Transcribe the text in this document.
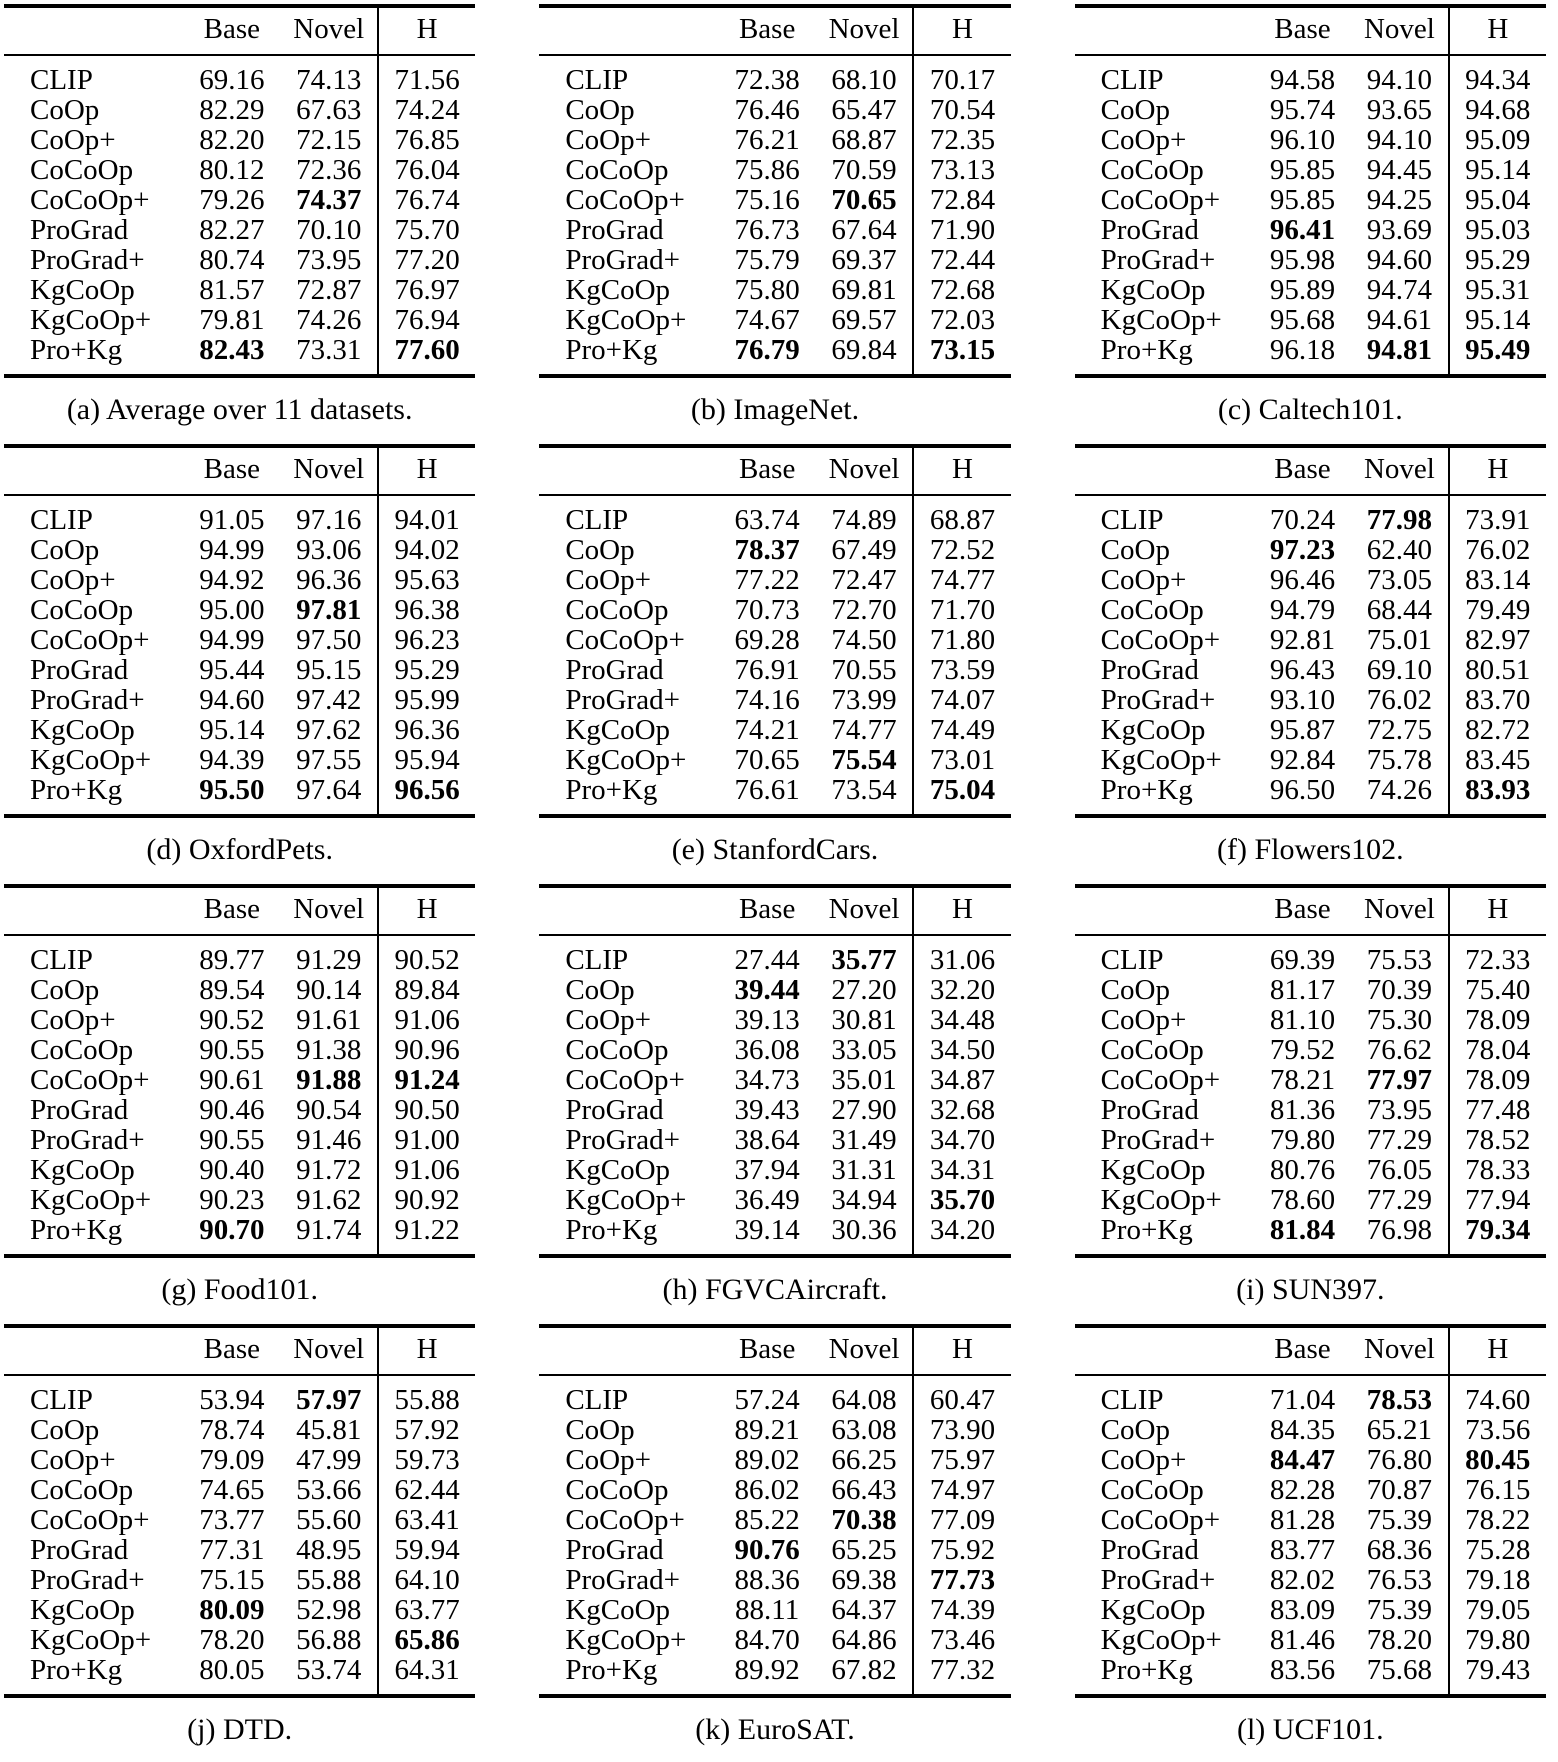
	Base	Novel	H
CLIP	69.16	74.13	71.56
CoOp	82.29	67.63	74.24
CoOp+	82.20	72.15	76.85
CoCoOp	80.12	72.36	76.04
CoCoOp+	79.26	74.37	76.74
ProGrad	82.27	70.10	75.70
ProGrad+	80.74	73.95	77.20
KgCoOp	81.57	72.87	76.97
KgCoOp+	79.81	74.26	76.94
Pro+Kg	82.43	73.31	77.60
(a) Average over 11 datasets.
	Base	Novel	H
CLIP	72.38	68.10	70.17
CoOp	76.46	65.47	70.54
CoOp+	76.21	68.87	72.35
CoCoOp	75.86	70.59	73.13
CoCoOp+	75.16	70.65	72.84
ProGrad	76.73	67.64	71.90
ProGrad+	75.79	69.37	72.44
KgCoOp	75.80	69.81	72.68
KgCoOp+	74.67	69.57	72.03
Pro+Kg	76.79	69.84	73.15
(b) ImageNet.
	Base	Novel	H
CLIP	94.58	94.10	94.34
CoOp	95.74	93.65	94.68
CoOp+	96.10	94.10	95.09
CoCoOp	95.85	94.45	95.14
CoCoOp+	95.85	94.25	95.04
ProGrad	96.41	93.69	95.03
ProGrad+	95.98	94.60	95.29
KgCoOp	95.89	94.74	95.31
KgCoOp+	95.68	94.61	95.14
Pro+Kg	96.18	94.81	95.49
(c) Caltech101.
	Base	Novel	H
CLIP	91.05	97.16	94.01
CoOp	94.99	93.06	94.02
CoOp+	94.92	96.36	95.63
CoCoOp	95.00	97.81	96.38
CoCoOp+	94.99	97.50	96.23
ProGrad	95.44	95.15	95.29
ProGrad+	94.60	97.42	95.99
KgCoOp	95.14	97.62	96.36
KgCoOp+	94.39	97.55	95.94
Pro+Kg	95.50	97.64	96.56
(d) OxfordPets.
	Base	Novel	H
CLIP	63.74	74.89	68.87
CoOp	78.37	67.49	72.52
CoOp+	77.22	72.47	74.77
CoCoOp	70.73	72.70	71.70
CoCoOp+	69.28	74.50	71.80
ProGrad	76.91	70.55	73.59
ProGrad+	74.16	73.99	74.07
KgCoOp	74.21	74.77	74.49
KgCoOp+	70.65	75.54	73.01
Pro+Kg	76.61	73.54	75.04
(e) StanfordCars.
	Base	Novel	H
CLIP	70.24	77.98	73.91
CoOp	97.23	62.40	76.02
CoOp+	96.46	73.05	83.14
CoCoOp	94.79	68.44	79.49
CoCoOp+	92.81	75.01	82.97
ProGrad	96.43	69.10	80.51
ProGrad+	93.10	76.02	83.70
KgCoOp	95.87	72.75	82.72
KgCoOp+	92.84	75.78	83.45
Pro+Kg	96.50	74.26	83.93
(f) Flowers102.
	Base	Novel	H
CLIP	89.77	91.29	90.52
CoOp	89.54	90.14	89.84
CoOp+	90.52	91.61	91.06
CoCoOp	90.55	91.38	90.96
CoCoOp+	90.61	91.88	91.24
ProGrad	90.46	90.54	90.50
ProGrad+	90.55	91.46	91.00
KgCoOp	90.40	91.72	91.06
KgCoOp+	90.23	91.62	90.92
Pro+Kg	90.70	91.74	91.22
(g) Food101.
	Base	Novel	H
CLIP	27.44	35.77	31.06
CoOp	39.44	27.20	32.20
CoOp+	39.13	30.81	34.48
CoCoOp	36.08	33.05	34.50
CoCoOp+	34.73	35.01	34.87
ProGrad	39.43	27.90	32.68
ProGrad+	38.64	31.49	34.70
KgCoOp	37.94	31.31	34.31
KgCoOp+	36.49	34.94	35.70
Pro+Kg	39.14	30.36	34.20
(h) FGVCAircraft.
	Base	Novel	H
CLIP	69.39	75.53	72.33
CoOp	81.17	70.39	75.40
CoOp+	81.10	75.30	78.09
CoCoOp	79.52	76.62	78.04
CoCoOp+	78.21	77.97	78.09
ProGrad	81.36	73.95	77.48
ProGrad+	79.80	77.29	78.52
KgCoOp	80.76	76.05	78.33
KgCoOp+	78.60	77.29	77.94
Pro+Kg	81.84	76.98	79.34
(i) SUN397.
	Base	Novel	H
CLIP	53.94	57.97	55.88
CoOp	78.74	45.81	57.92
CoOp+	79.09	47.99	59.73
CoCoOp	74.65	53.66	62.44
CoCoOp+	73.77	55.60	63.41
ProGrad	77.31	48.95	59.94
ProGrad+	75.15	55.88	64.10
KgCoOp	80.09	52.98	63.77
KgCoOp+	78.20	56.88	65.86
Pro+Kg	80.05	53.74	64.31
(j) DTD.
	Base	Novel	H
CLIP	57.24	64.08	60.47
CoOp	89.21	63.08	73.90
CoOp+	89.02	66.25	75.97
CoCoOp	86.02	66.43	74.97
CoCoOp+	85.22	70.38	77.09
ProGrad	90.76	65.25	75.92
ProGrad+	88.36	69.38	77.73
KgCoOp	88.11	64.37	74.39
KgCoOp+	84.70	64.86	73.46
Pro+Kg	89.92	67.82	77.32
(k) EuroSAT.
	Base	Novel	H
CLIP	71.04	78.53	74.60
CoOp	84.35	65.21	73.56
CoOp+	84.47	76.80	80.45
CoCoOp	82.28	70.87	76.15
CoCoOp+	81.28	75.39	78.22
ProGrad	83.77	68.36	75.28
ProGrad+	82.02	76.53	79.18
KgCoOp	83.09	75.39	79.05
KgCoOp+	81.46	78.20	79.80
Pro+Kg	83.56	75.68	79.43
(l) UCF101.
